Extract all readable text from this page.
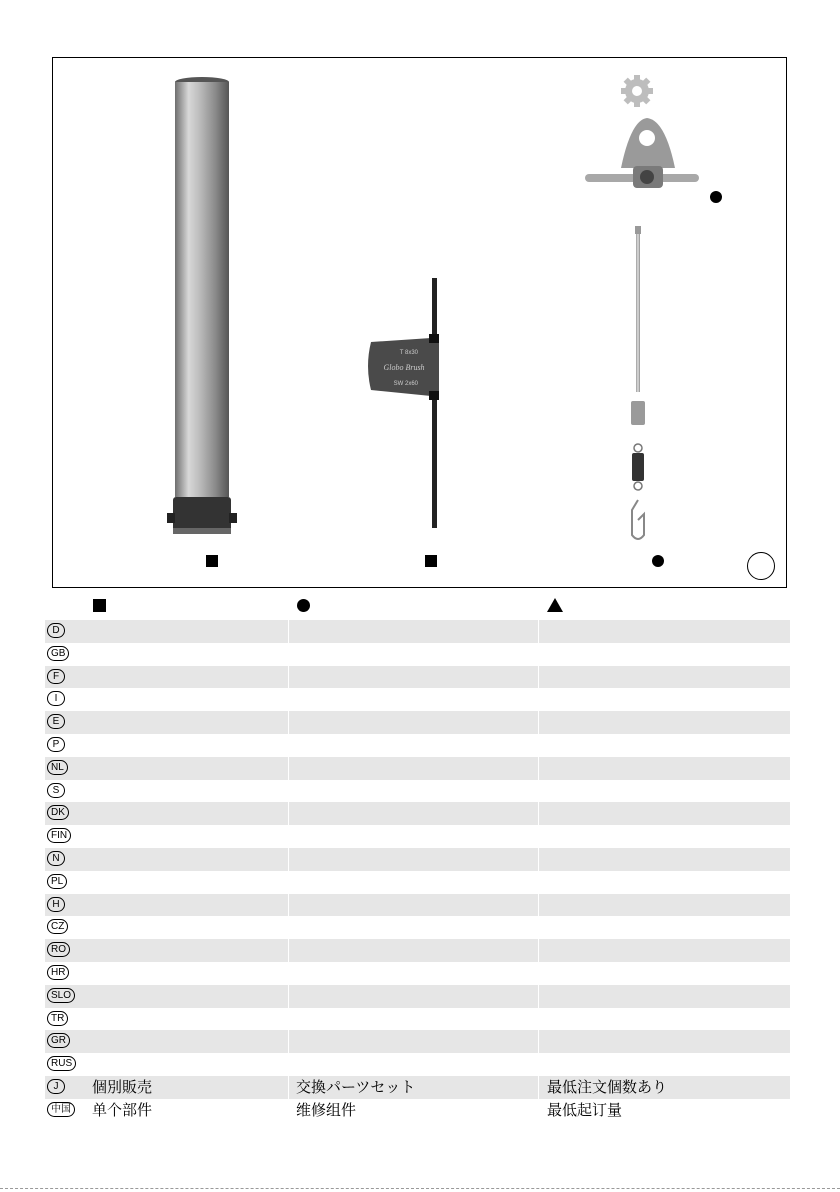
T 8x30
Globo Brush
SW 2x60
D
GB
F
I
E
P
NL
S
DK
FIN
N
PL
H
CZ
RO
HR
SLO
TR
GR
RUS
J	個別販売	交換パーツセット	最低注文個数あり
中国 单个部件	维修组件	最低起订量
